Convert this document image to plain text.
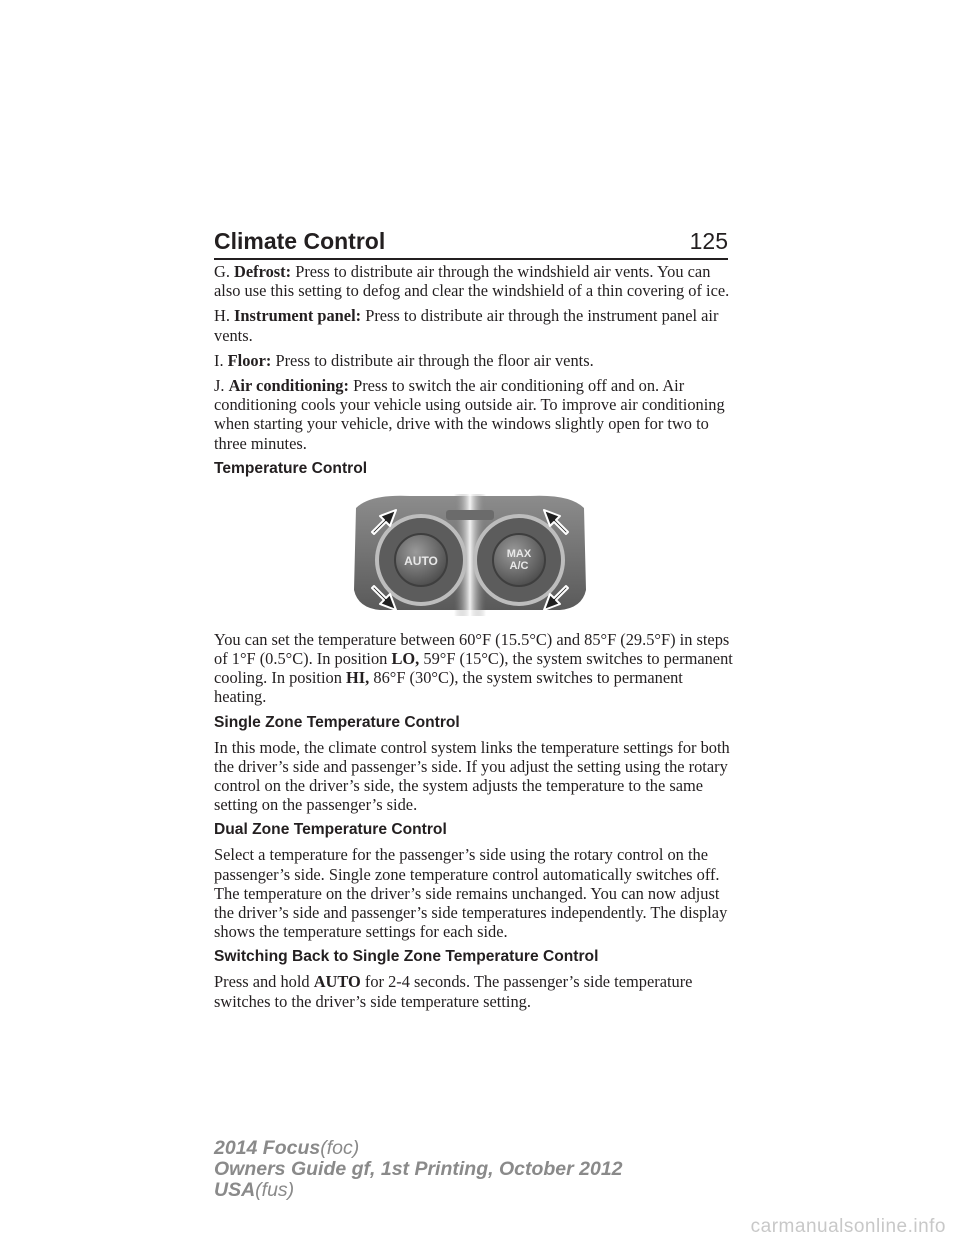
Climate Control	125

G. Defrost: Press to distribute air through the windshield air vents. You can also use this setting to defog and clear the windshield of a thin covering of ice.

H. Instrument panel: Press to distribute air through the instrument panel air vents.

I. Floor: Press to distribute air through the floor air vents.

J. Air conditioning: Press to switch the air conditioning off and on. Air conditioning cools your vehicle using outside air. To improve air conditioning when starting your vehicle, drive with the windows slightly open for two to three minutes.

Temperature Control
AUTO	MAX
A/C

You can set the temperature between 60°F (15.5°C) and 85°F (29.5°F) in steps of 1°F (0.5°C). In position LO, 59°F (15°C), the system switches to permanent cooling. In position HI, 86°F (30°C), the system switches to permanent heating.

Single Zone Temperature Control

In this mode, the climate control system links the temperature settings for both the driver’s side and passenger’s side. If you adjust the setting using the rotary control on the driver’s side, the system adjusts the temperature to the same setting on the passenger’s side.

Dual Zone Temperature Control

Select a temperature for the passenger’s side using the rotary control on the passenger’s side. Single zone temperature control automatically switches off. The temperature on the driver’s side remains unchanged. You can now adjust the driver’s side and passenger’s side temperatures independently. The display shows the temperature settings for each side.

Switching Back to Single Zone Temperature Control

Press and hold AUTO for 2-4 seconds. The passenger’s side temperature switches to the driver’s side temperature setting.

2014 Focus(foc)
Owners Guide gf, 1st Printing, October 2012
USA(fus)
carmanualsonline.info
